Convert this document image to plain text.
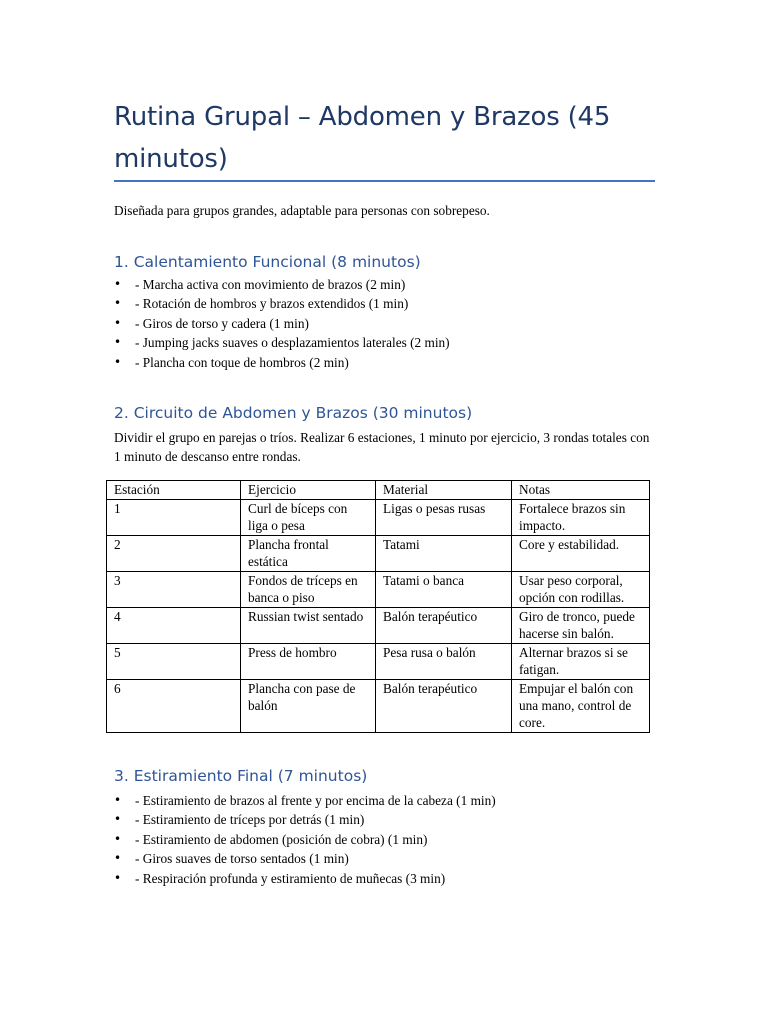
Rutina Grupal – Abdomen y Brazos (45 minutos)

Diseñada para grupos grandes, adaptable para personas con sobrepeso.

1. Calentamiento Funcional (8 minutos)
• - Marcha activa con movimiento de brazos (2 min)
• - Rotación de hombros y brazos extendidos (1 min)
• - Giros de torso y cadera (1 min)
• - Jumping jacks suaves o desplazamientos laterales (2 min)
• - Plancha con toque de hombros (2 min)
2. Circuito de Abdomen y Brazos (30 minutos)

Dividir el grupo en parejas o tríos. Realizar 6 estaciones, 1 minuto por ejercicio, 3 rondas totales con 1 minuto de descanso entre rondas.

Estación	Ejercicio	Material	Notas
1	Curl de bíceps con liga o pesa	Ligas o pesas rusas	Fortalece brazos sin impacto.
2	Plancha frontal estática	Tatami	Core y estabilidad.
3	Fondos de tríceps en banca o piso	Tatami o banca	Usar peso corporal, opción con rodillas.
4	Russian twist sentado	Balón terapéutico	Giro de tronco, puede hacerse sin balón.
5	Press de hombro	Pesa rusa o balón	Alternar brazos si se fatigan.
6	Plancha con pase de balón	Balón terapéutico	Empujar el balón con una mano, control de core.
3. Estiramiento Final (7 minutos)
• - Estiramiento de brazos al frente y por encima de la cabeza (1 min)
• - Estiramiento de tríceps por detrás (1 min)
• - Estiramiento de abdomen (posición de cobra) (1 min)
• - Giros suaves de torso sentados (1 min)
• - Respiración profunda y estiramiento de muñecas (3 min)
